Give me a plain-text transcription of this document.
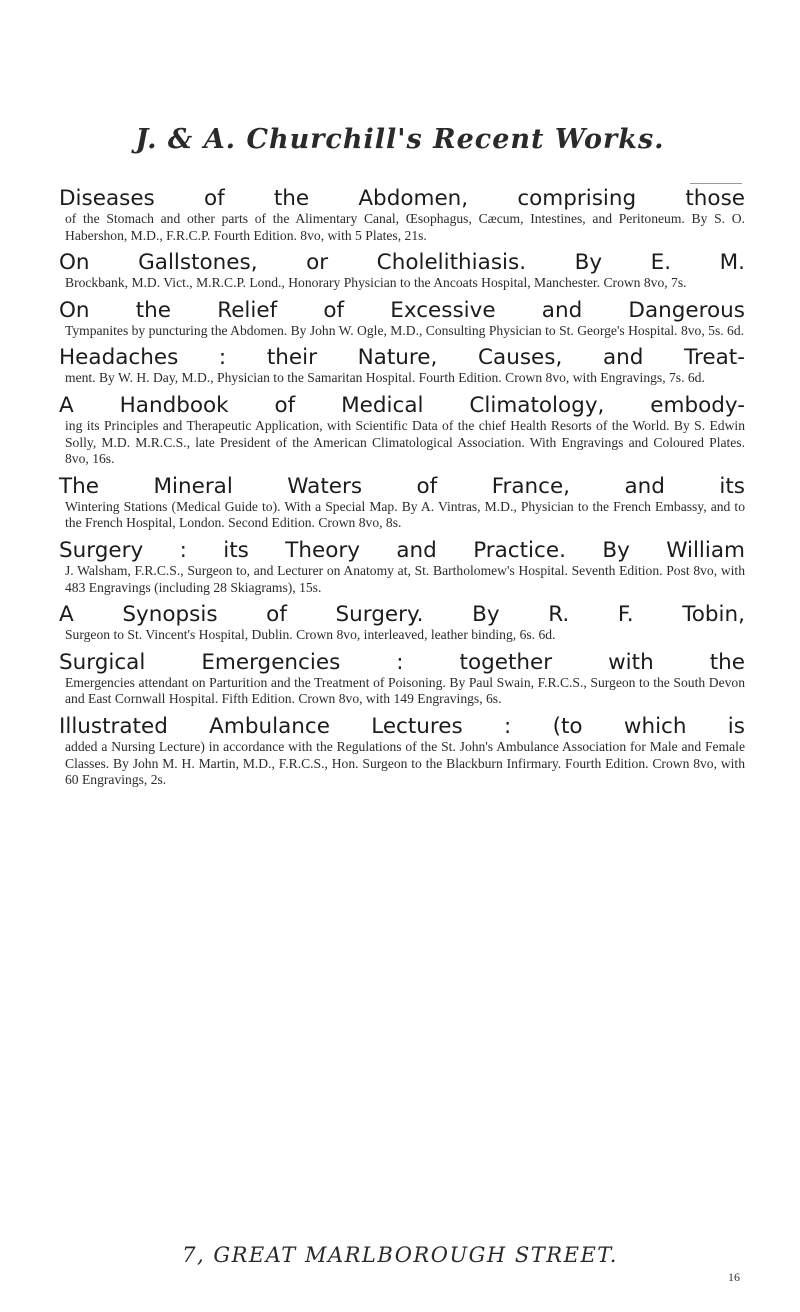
J. & A. Churchill's Recent Works.
Diseases of the Abdomen, comprising those
of the Stomach and other parts of the Alimentary Canal, Œsophagus, Cæcum, Intestines, and Peritoneum. By S. O. Habershon, M.D., F.R.C.P. Fourth Edition. 8vo, with 5 Plates, 21s.
On Gallstones, or Cholelithiasis. By E. M.
Brockbank, M.D. Vict., M.R.C.P. Lond., Honorary Physician to the Ancoats Hospital, Manchester. Crown 8vo, 7s.
On the Relief of Excessive and Dangerous
Tympanites by puncturing the Abdomen. By John W. Ogle, M.D., Consulting Physician to St. George's Hospital. 8vo, 5s. 6d.
Headaches : their Nature, Causes, and Treat-
ment. By W. H. Day, M.D., Physician to the Samaritan Hospital. Fourth Edition. Crown 8vo, with Engravings, 7s. 6d.
A Handbook of Medical Climatology, embody-
ing its Principles and Therapeutic Application, with Scientific Data of the chief Health Resorts of the World. By S. Edwin Solly, M.D. M.R.C.S., late President of the American Climatological Association. With Engravings and Coloured Plates. 8vo, 16s.
The Mineral Waters of France, and its
Wintering Stations (Medical Guide to). With a Special Map. By A. Vintras, M.D., Physician to the French Embassy, and to the French Hospital, London. Second Edition. Crown 8vo, 8s.
Surgery : its Theory and Practice. By William
J. Walsham, F.R.C.S., Surgeon to, and Lecturer on Anatomy at, St. Bartholomew's Hospital. Seventh Edition. Post 8vo, with 483 Engravings (including 28 Skiagrams), 15s.
A Synopsis of Surgery. By R. F. Tobin,
Surgeon to St. Vincent's Hospital, Dublin. Crown 8vo, interleaved, leather binding, 6s. 6d.
Surgical Emergencies : together with the
Emergencies attendant on Parturition and the Treatment of Poisoning. By Paul Swain, F.R.C.S., Surgeon to the South Devon and East Cornwall Hospital. Fifth Edition. Crown 8vo, with 149 Engravings, 6s.
Illustrated Ambulance Lectures : (to which is
added a Nursing Lecture) in accordance with the Regulations of the St. John's Ambulance Association for Male and Female Classes. By John M. H. Martin, M.D., F.R.C.S., Hon. Surgeon to the Blackburn Infirmary. Fourth Edition. Crown 8vo, with 60 Engravings, 2s.
7, GREAT MARLBOROUGH STREET.
16
